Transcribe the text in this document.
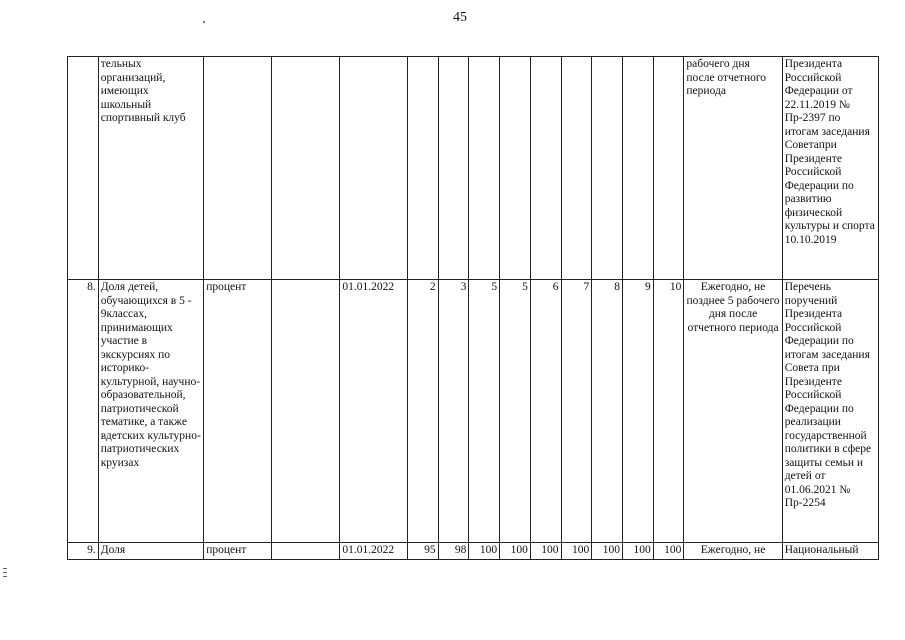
45
	тельных организаций, имеющих школьный спортивный клуб													рабочего дня после отчетного периода	Президента Российской Федерации от 22.11.2019 № Пр-2397 по итогам заседания Советапри Президенте Российской Федерации по развитию физической культуры и спорта 10.10.2019
8.	Доля детей, обучающихся в 5 - 9классах, принимающих участие в экскурсиях по историко-культурной, научно-образовательной, патриотической тематике, а также вдетских культурно-патриотических круизах	процент		01.01.2022	2	3	5	5	6	7	8	9	10	Ежегодно, не позднее 5 рабочего дня после отчетного периода	Перечень поручений Президента Российской Федерации по итогам заседания Совета при Президенте Российской Федерации по реализации государственной политики в сфере защиты семьи и детей от 01.06.2021 № Пр-2254
9.	Доля	процент		01.01.2022	95	98	100	100	100	100	100	100	100	Ежегодно, не	Национальный
